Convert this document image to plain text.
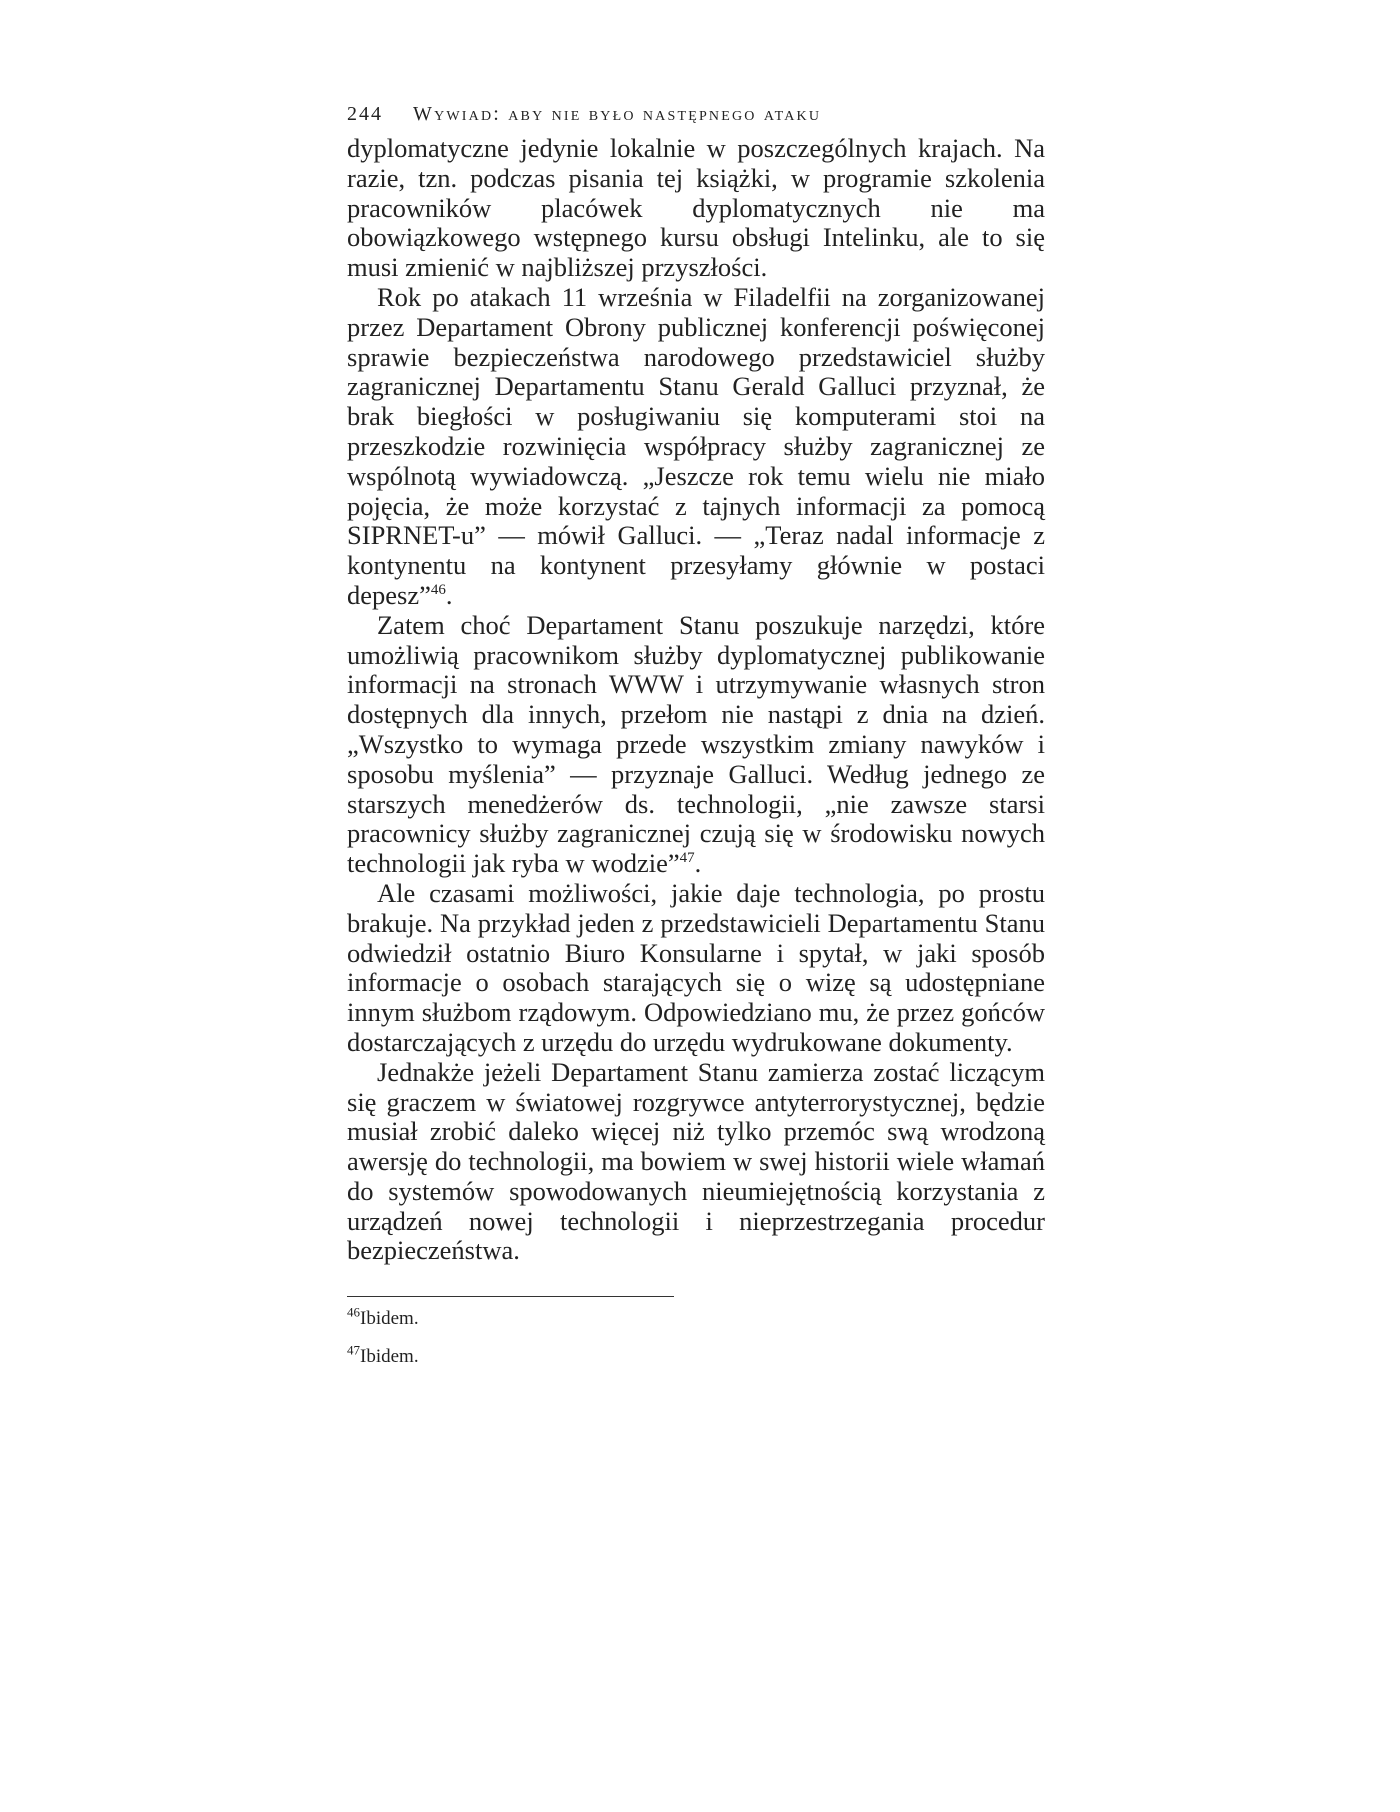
244 Wywiad: aby nie było następnego ataku

dyplomatyczne jedynie lokalnie w poszczególnych krajach. Na razie, tzn. podczas pisania tej książki, w programie szkolenia pracowników placówek dyplomatycznych nie ma obowiązkowego wstępnego kursu obsługi Intelinku, ale to się musi zmienić w najbliższej przyszłości.

Rok po atakach 11 września w Filadelfii na zorganizowanej przez Departament Obrony publicznej konferencji poświęconej sprawie bezpieczeństwa narodowego przedstawiciel służby zagranicznej Departamentu Stanu Gerald Galluci przyznał, że brak biegłości w posługiwaniu się komputerami stoi na przeszkodzie rozwinięcia współpracy służby zagranicznej ze wspólnotą wywiadowczą. „Jeszcze rok temu wielu nie miało pojęcia, że może korzystać z tajnych informacji za pomocą SIPRNET-u” — mówił Galluci. — „Teraz nadal informacje z kontynentu na kontynent przesyłamy głównie w postaci depesz”$^{46}$.

Zatem choć Departament Stanu poszukuje narzędzi, które umożliwią pracownikom służby dyplomatycznej publikowanie informacji na stronach WWW i utrzymywanie własnych stron dostępnych dla innych, przełom nie nastąpi z dnia na dzień. „Wszystko to wymaga przede wszystkim zmiany nawyków i sposobu myślenia” — przyznaje Galluci. Według jednego ze starszych menedżerów ds. technologii, „nie zawsze starsi pracownicy służby zagranicznej czują się w środowisku nowych technologii jak ryba w wodzie”$^{47}$.

Ale czasami możliwości, jakie daje technologia, po prostu brakuje. Na przykład jeden z przedstawicieli Departamentu Stanu odwiedził ostatnio Biuro Konsularne i spytał, w jaki sposób informacje o osobach starających się o wizę są udostępniane innym służbom rządowym. Odpowiedziano mu, że przez gońców dostarczających z urzędu do urzędu wydrukowane dokumenty.

Jednakże jeżeli Departament Stanu zamierza zostać liczącym się graczem w światowej rozgrywce antyterrorystycznej, będzie musiał zrobić daleko więcej niż tylko przemóc swą wrodzoną awersję do technologii, ma bowiem w swej historii wiele włamań do systemów spowodowanych nieumiejętnością korzystania z urządzeń nowej technologii i nieprzestrzegania procedur bezpieczeństwa.

$^{46}$Ibidem.

$^{47}$Ibidem.
